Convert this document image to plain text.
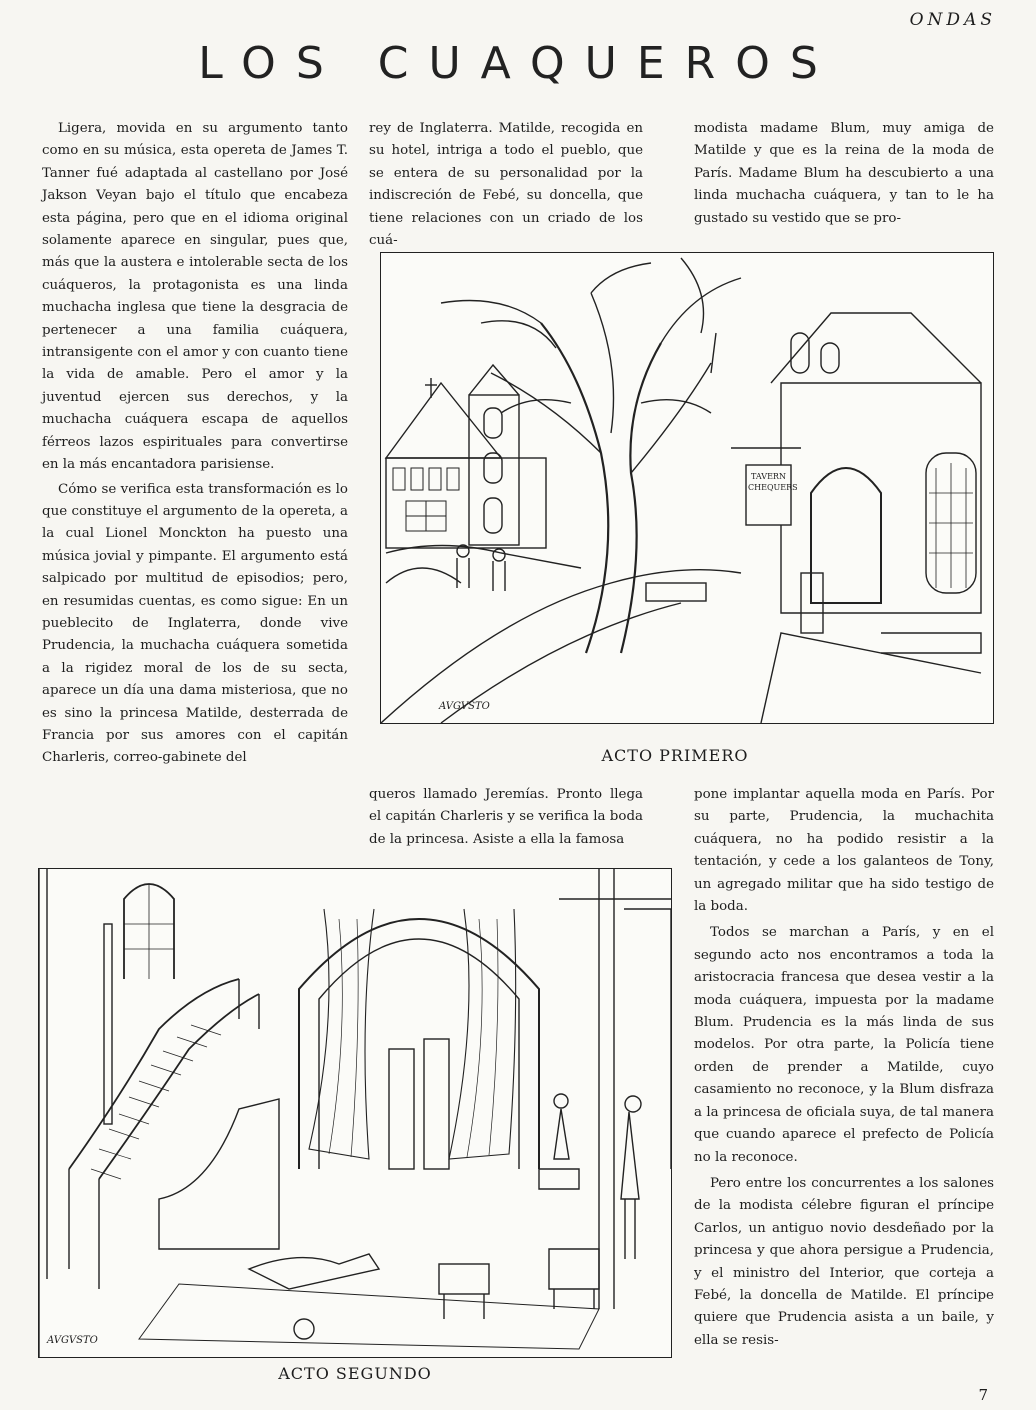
ONDAS
LOS CUAQUEROS

Ligera, movida en su argumento tanto como en su música, esta opereta de James T. Tanner fué adaptada al castellano por José Jakson Veyan bajo el título que encabeza esta página, pero que en el idioma original solamente aparece en singular, pues que, más que la austera e intolerable secta de los cuáqueros, la protagonista es una linda muchacha inglesa que tiene la desgracia de pertenecer a una familia cuáquera, intransigente con el amor y con cuanto tiene la vida de amable. Pero el amor y la juventud ejercen sus derechos, y la muchacha cuáquera escapa de aquellos férreos lazos espirituales para convertirse en la más encantadora parisiense.

Cómo se verifica esta transformación es lo que constituye el argumento de la opereta, a la cual Lionel Monckton ha puesto una música jovial y pimpante. El argumento está salpicado por multitud de episodios; pero, en resumidas cuentas, es como sigue: En un pueblecito de Inglaterra, donde vive Prudencia, la muchacha cuáquera sometida a la rigidez moral de los de su secta, aparece un día una dama misteriosa, que no es sino la princesa Matilde, desterrada de Francia por sus amores con el capitán Charleris, correo-gabinete del

rey de Inglaterra. Matilde, recogida en su hotel, intriga a todo el pueblo, que se entera de su personalidad por la indiscreción de Febé, su doncella, que tiene relaciones con un criado de los cuá-

modista madame Blum, muy amiga de Matilde y que es la reina de la moda de París. Madame Blum ha descubierto a una linda muchacha cuáquera, y tan to le ha gustado su vestido que se pro-

TAVERN CHEQUERS
AVGVSTO
ACTO PRIMERO

queros llamado Jeremías. Pronto llega el capitán Charleris y se verifica la boda de la princesa. Asiste a ella la famosa

pone implantar aquella moda en París. Por su parte, Prudencia, la muchachita cuáquera, no ha podido resistir a la tentación, y cede a los galanteos de Tony, un agregado militar que ha sido testigo de la boda.

Todos se marchan a París, y en el segundo acto nos encontramos a toda la aristocracia francesa que desea vestir a la moda cuáquera, impuesta por la madame Blum. Prudencia es la más linda de sus modelos. Por otra parte, la Policía tiene orden de prender a Matilde, cuyo casamiento no reconoce, y la Blum disfraza a la princesa de oficiala suya, de tal manera que cuando aparece el prefecto de Policía no la reconoce.

Pero entre los concurrentes a los salones de la modista célebre figuran el príncipe Carlos, un antiguo novio desdeñado por la princesa y que ahora persigue a Prudencia, y el ministro del Interior, que corteja a Febé, la doncella de Matilde. El príncipe quiere que Prudencia asista a un baile, y ella se resis-

AVGVSTO
ACTO SEGUNDO
7
